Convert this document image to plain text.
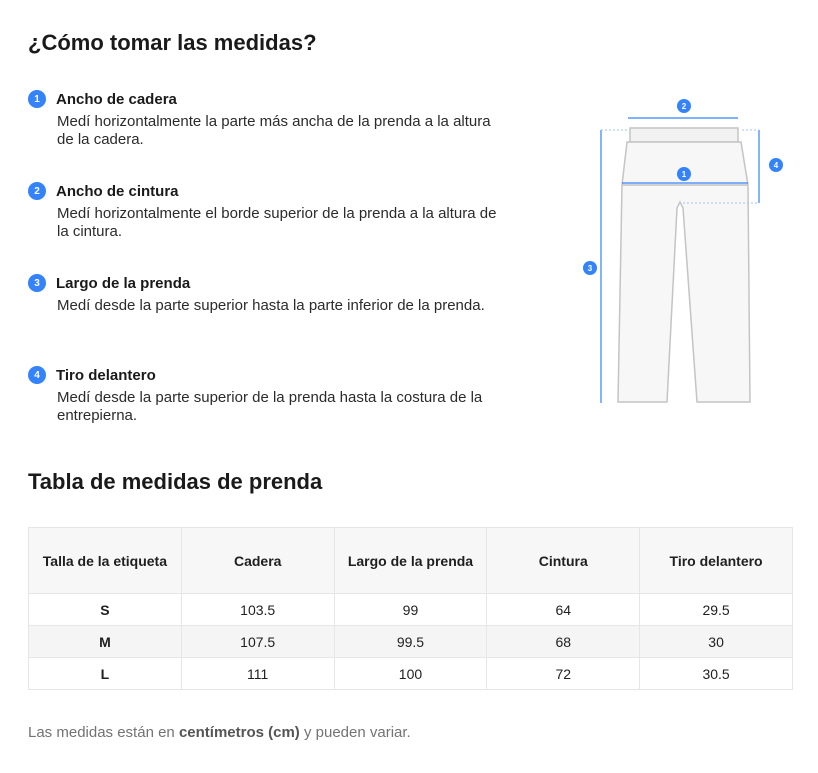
¿Cómo tomar las medidas?
1	Ancho de cadera
Medí horizontalmente la parte más ancha de la prenda a la altura de la cadera.
2	Ancho de cintura
Medí horizontalmente el borde superior de la prenda a la altura de la cintura.
3	Largo de la prenda
Medí desde la parte superior hasta la parte inferior de la prenda.
4	Tiro delantero
Medí desde la parte superior de la prenda hasta la costura de la entrepierna.
2
1
4
3
Tabla de medidas de prenda
Talla de la etiqueta	Cadera	Largo de la prenda	Cintura	Tiro delantero
S	103.5	99	64	29.5
M	107.5	99.5	68	30
L	111	100	72	30.5
Las medidas están en centímetros (cm) y pueden variar.
